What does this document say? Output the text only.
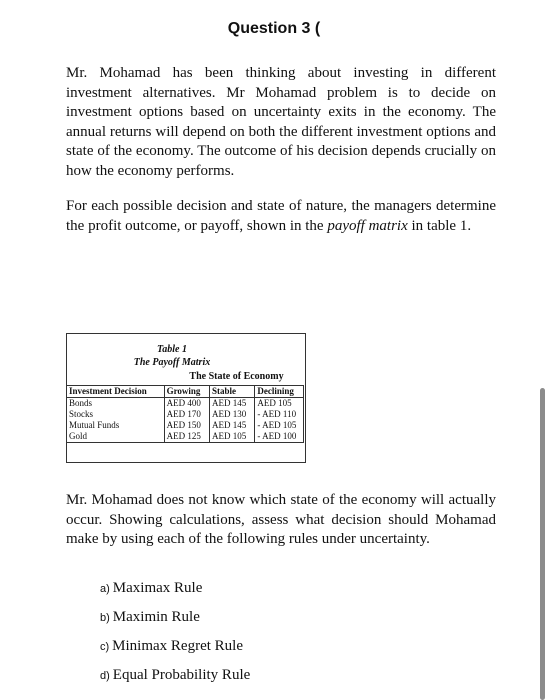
Question 3 (

Mr. Mohamad has been thinking about investing in different investment alternatives. Mr Mohamad problem is to decide on investment options based on uncertainty exits in the economy. The annual returns will depend on both the different investment options and state of the economy. The outcome of his decision depends crucially on how the economy performs.

For each possible decision and state of nature, the managers determine the profit outcome, or payoff, shown in the payoff matrix in table 1.

Table 1
The Payoff Matrix
The State of Economy
Investment Decision	Growing	Stable	Declining
Bonds	AED 400	AED 145	AED 105
Stocks	AED 170	AED 130	- AED 110
Mutual Funds	AED 150	AED 145	- AED 105
Gold	AED 125	AED 105	- AED 100

Mr. Mohamad does not know which state of the economy will actually occur. Showing calculations, assess what decision should Mohamad make by using each of the following rules under uncertainty.

a) Maximax Rule
b) Maximin Rule
c) Minimax Regret Rule
d) Equal Probability Rule
